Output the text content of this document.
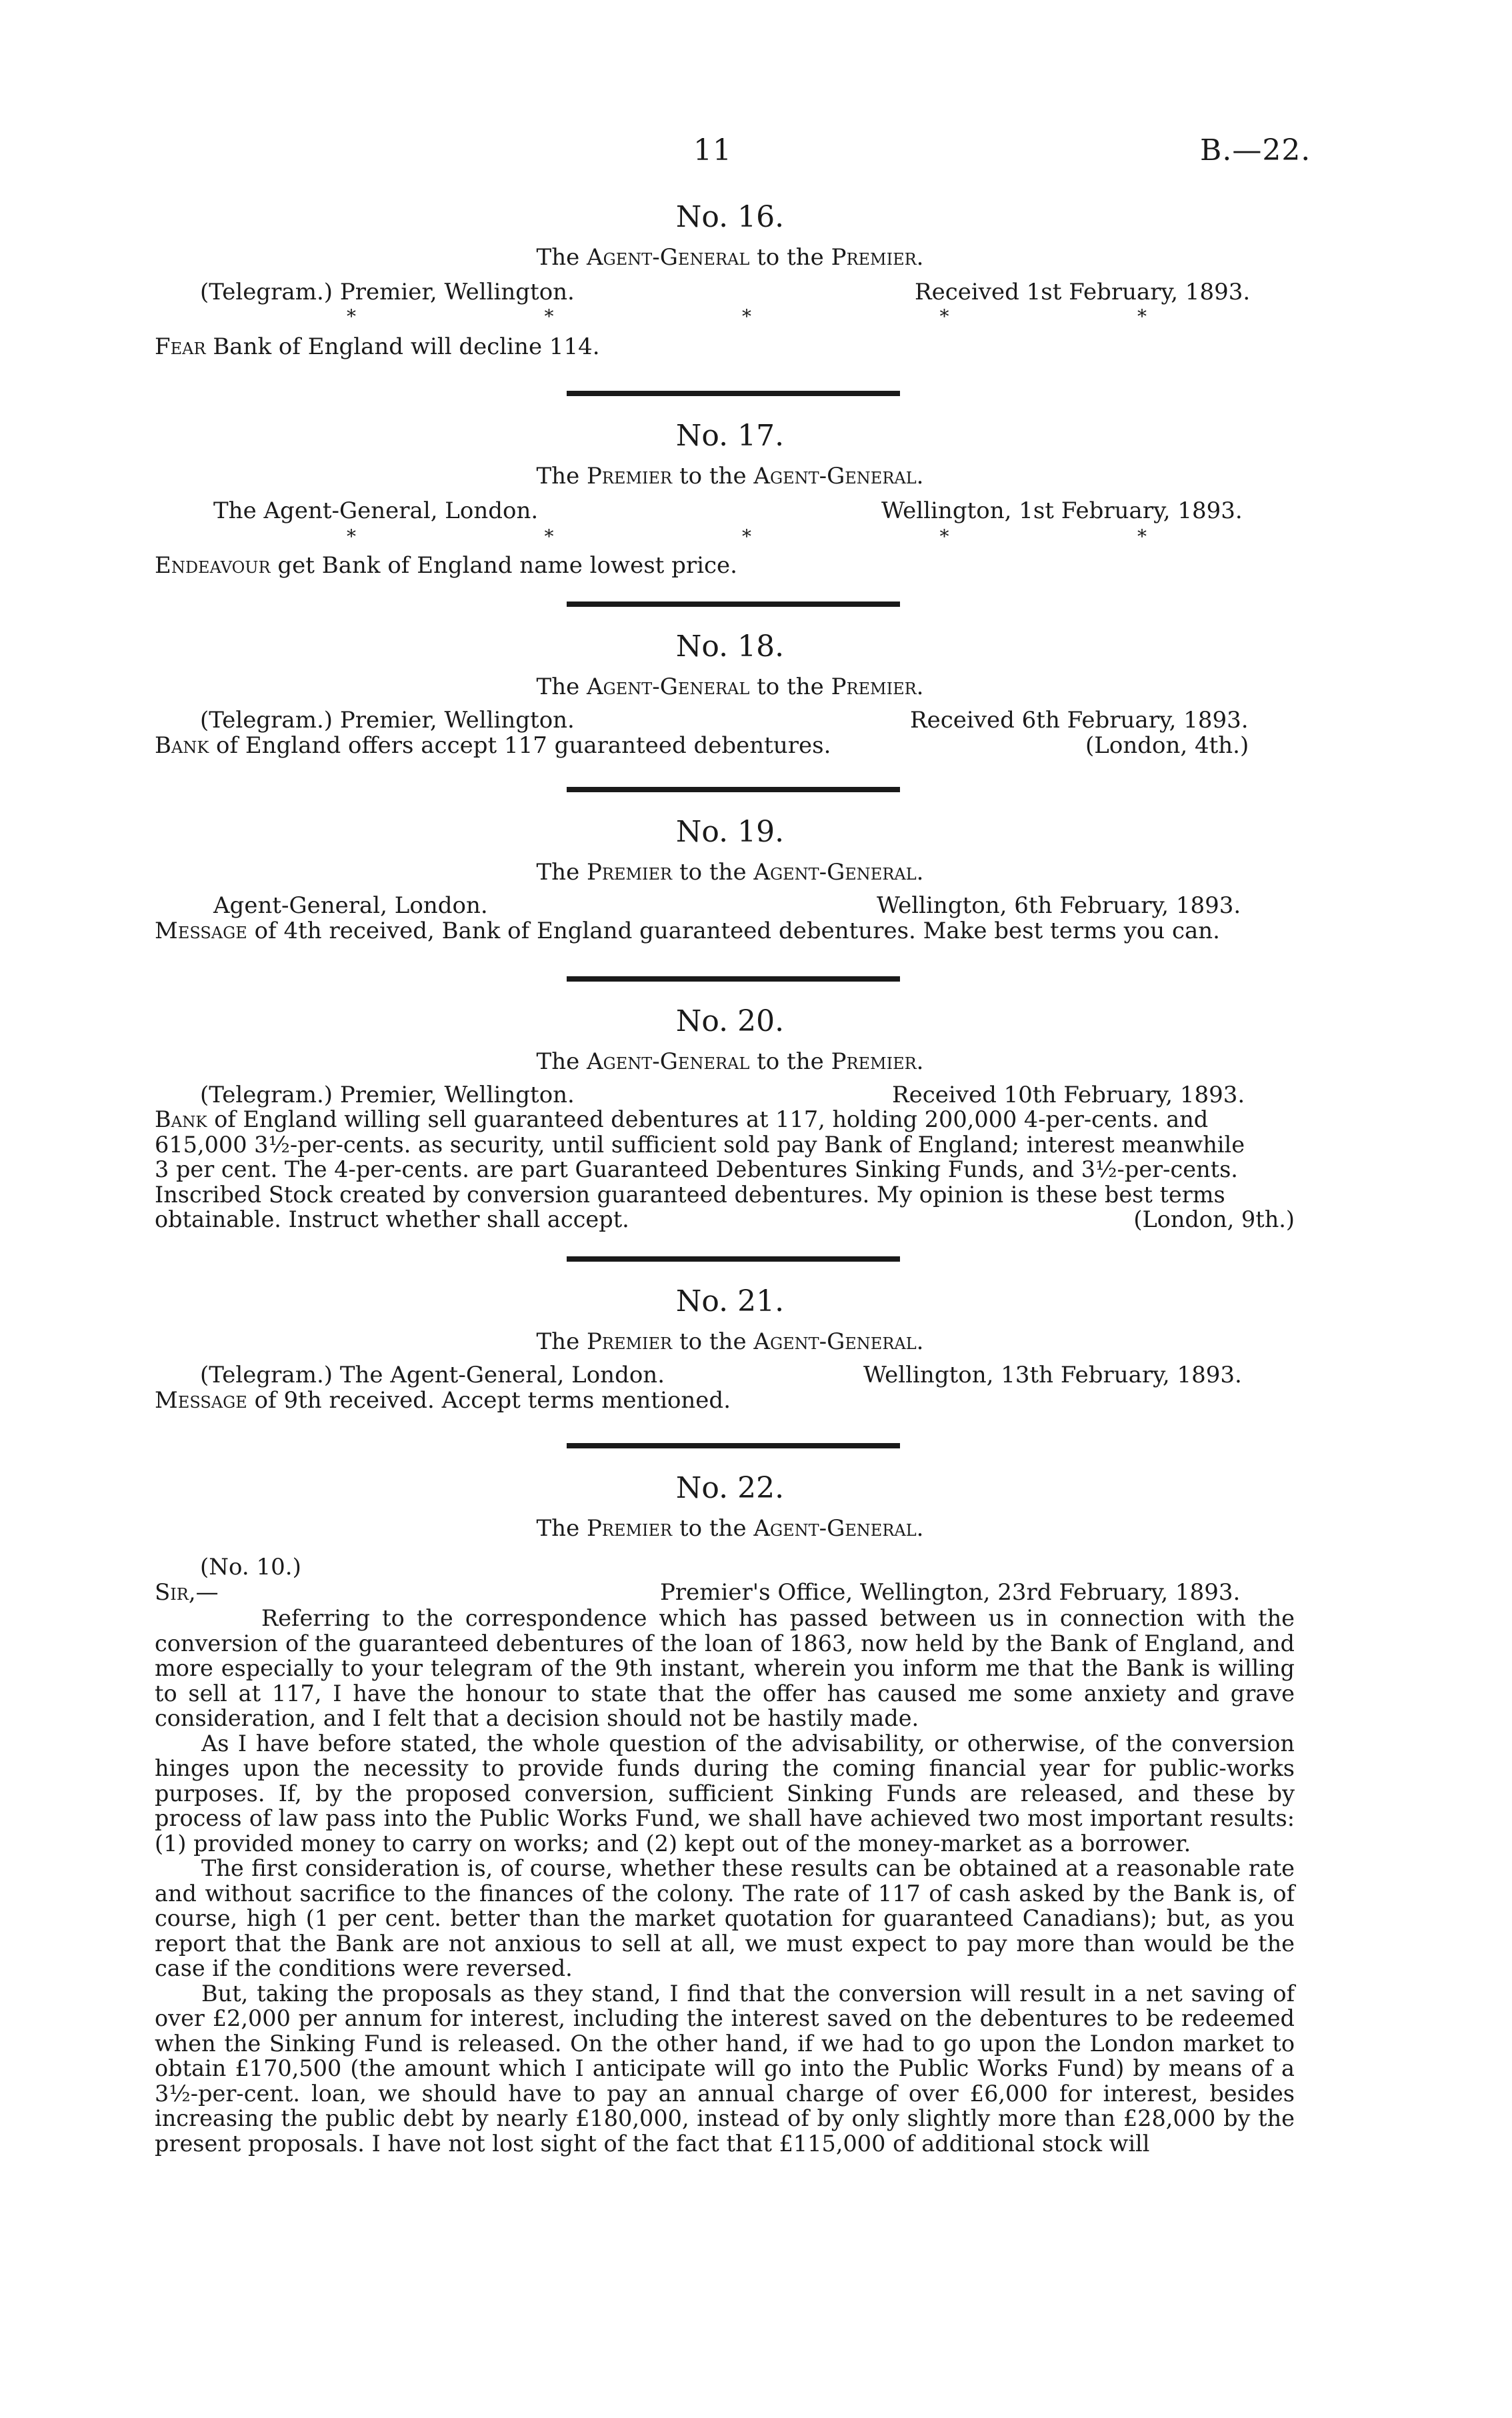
11	B.—22.
No. 16.
The Agent-General to the Premier.
(Telegram.) Premier, Wellington.	Received 1st February, 1893.
*	*	*	*	*
Fear Bank of England will decline 114.
No. 17.
The Premier to the Agent-General.
The Agent-General, London.	Wellington, 1st February, 1893.
*	*	*	*	*
Endeavour get Bank of England name lowest price.
No. 18.
The Agent-General to the Premier.
(Telegram.) Premier, Wellington.	Received 6th February, 1893.
Bank of England offers accept 117 guaranteed debentures.	(London, 4th.)
No. 19.
The Premier to the Agent-General.
Agent-General, London.	Wellington, 6th February, 1893.
Message of 4th received, Bank of England guaranteed debentures. Make best terms you can.
No. 20.
The Agent-General to the Premier.
(Telegram.) Premier, Wellington.	Received 10th February, 1893.
Bank of England willing sell guaranteed debentures at 117, holding 200,000 4-per-cents. and
615,000 3½-per-cents. as security, until sufficient sold pay Bank of England; interest meanwhile
3 per cent. The 4-per-cents. are part Guaranteed Debentures Sinking Funds, and 3½-per-cents.
Inscribed Stock created by conversion guaranteed debentures. My opinion is these best terms
obtainable. Instruct whether shall accept.	(London, 9th.)
No. 21.
The Premier to the Agent-General.
(Telegram.) The Agent-General, London.	Wellington, 13th February, 1893.
Message of 9th received. Accept terms mentioned.
No. 22.
The Premier to the Agent-General.
(No. 10.)
Sir,—	Premier's Office, Wellington, 23rd February, 1893.

Referring to the correspondence which has passed between us in connection with the conversion of the guaranteed debentures of the loan of 1863, now held by the Bank of England, and more especially to your telegram of the 9th instant, wherein you inform me that the Bank is willing to sell at 117, I have the honour to state that the offer has caused me some anxiety and grave consideration, and I felt that a decision should not be hastily made.

As I have before stated, the whole question of the advisability, or otherwise, of the conversion hinges upon the necessity to provide funds during the coming financial year for public-works purposes. If, by the proposed conversion, sufficient Sinking Funds are released, and these by process of law pass into the Public Works Fund, we shall have achieved two most important results: (1) provided money to carry on works; and (2) kept out of the money-market as a borrower.

The first consideration is, of course, whether these results can be obtained at a reasonable rate and without sacrifice to the finances of the colony. The rate of 117 of cash asked by the Bank is, of course, high (1 per cent. better than the market quotation for guaranteed Canadians); but, as you report that the Bank are not anxious to sell at all, we must expect to pay more than would be the case if the conditions were reversed.

But, taking the proposals as they stand, I find that the conversion will result in a net saving of over £2,000 per annum for interest, including the interest saved on the debentures to be redeemed when the Sinking Fund is released. On the other hand, if we had to go upon the London market to obtain £170,500 (the amount which I anticipate will go into the Public Works Fund) by means of a 3½-per-cent. loan, we should have to pay an annual charge of over £6,000 for interest, besides increasing the public debt by nearly £180,000, instead of by only slightly more than £28,000 by the present proposals. I have not lost sight of the fact that £115,000 of additional stock will
